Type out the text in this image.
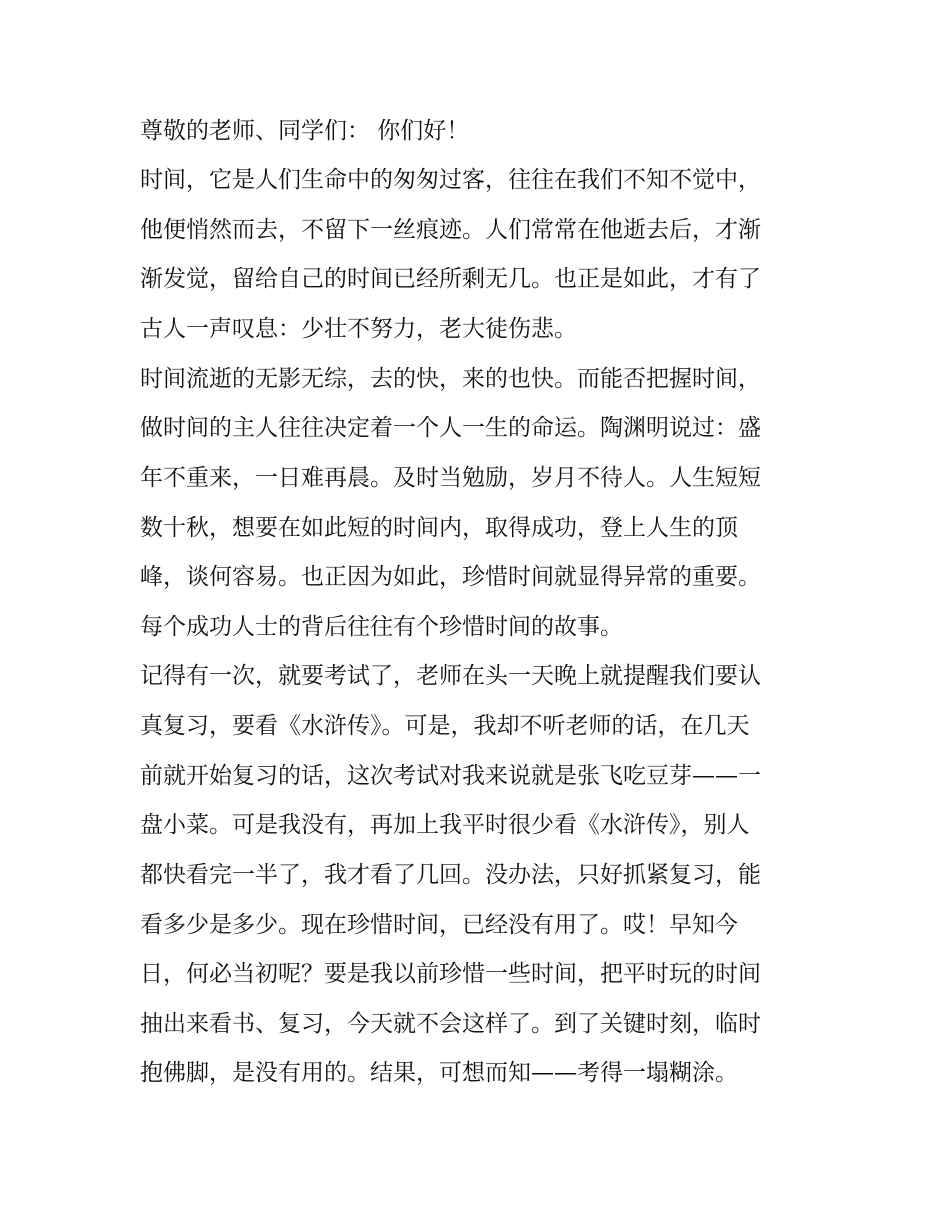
尊敬的老师、同学们： 你们好！
时间，它是人们生命中的匆匆过客，往往在我们不知不觉中，
他便悄然而去，不留下一丝痕迹。人们常常在他逝去后，才渐
渐发觉，留给自己的时间已经所剩无几。也正是如此，才有了
古人一声叹息：少壮不努力，老大徒伤悲。
时间流逝的无影无综，去的快，来的也快。而能否把握时间，
做时间的主人往往决定着一个人一生的命运。陶渊明说过：盛
年不重来，一日难再晨。及时当勉励，岁月不待人。人生短短
数十秋，想要在如此短的时间内，取得成功，登上人生的顶
峰，谈何容易。也正因为如此，珍惜时间就显得异常的重要。
每个成功人士的背后往往有个珍惜时间的故事。
记得有一次，就要考试了，老师在头一天晚上就提醒我们要认
真复习，要看《水浒传》。可是，我却不听老师的话，在几天
前就开始复习的话，这次考试对我来说就是张飞吃豆芽——一
盘小菜。可是我没有，再加上我平时很少看《水浒传》，别人
都快看完一半了，我才看了几回。没办法，只好抓紧复习，能
看多少是多少。现在珍惜时间，已经没有用了。哎！早知今
日，何必当初呢？要是我以前珍惜一些时间，把平时玩的时间
抽出来看书、复习，今天就不会这样了。到了关键时刻，临时
抱佛脚，是没有用的。结果，可想而知——考得一塌糊涂。
